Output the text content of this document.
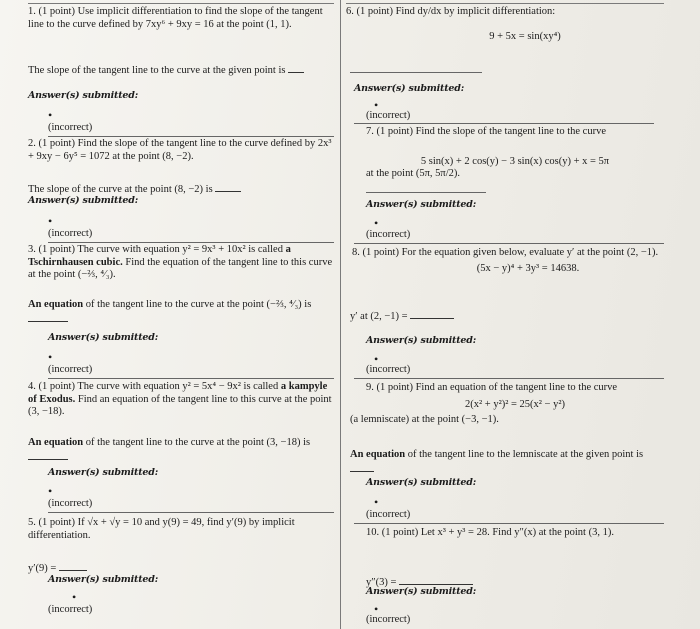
1. (1 point) Use implicit differentiation to find the slope of the tangent line to the curve defined by 7xy⁶ + 9xy = 16 at the point (1, 1).
The slope of the tangent line to the curve at the given point is
Answer(s) submitted:
•
(incorrect)
2. (1 point) Find the slope of the tangent line to the curve defined by 2x³ + 9xy − 6y⁵ = 1072 at the point (8, −2).
The slope of the curve at the point (8, −2) is
Answer(s) submitted:
•
(incorrect)
3. (1 point) The curve with equation y² = 9x³ + 10x² is called a Tschirnhausen cubic. Find the equation of the tangent line to this curve at the point (−⅔, ⁴⁄₃).
An equation of the tangent line to the curve at the point (−⅔, ⁴⁄₃) is
Answer(s) submitted:
•
(incorrect)
4. (1 point) The curve with equation y² = 5x⁴ − 9x² is called a kampyle of Exodus. Find an equation of the tangent line to this curve at the point (3, −18).
An equation of the tangent line to the curve at the point (3, −18) is
Answer(s) submitted:
•
(incorrect)
5. (1 point) If √x + √y = 10 and y(9) = 49, find y′(9) by implicit differentiation.
y′(9) =
Answer(s) submitted:
•
(incorrect)
6. (1 point) Find dy/dx by implicit differentiation:
9 + 5x = sin(xy⁴)
Answer(s) submitted:
•
(incorrect)
7. (1 point) Find the slope of the tangent line to the curve
5 sin(x) + 2 cos(y) − 3 sin(x) cos(y) + x = 5π
at the point (5π, 5π/2).
Answer(s) submitted:
•
(incorrect)
8. (1 point) For the equation given below, evaluate y′ at the point (2, −1).
(5x − y)⁴ + 3y³ = 14638.
y′ at (2, −1) =
Answer(s) submitted:
•
(incorrect)
9. (1 point) Find an equation of the tangent line to the curve
2(x² + y²)² = 25(x² − y²)
(a lemniscate) at the point (−3, −1).
An equation of the tangent line to the lemniscate at the given point is
Answer(s) submitted:
•
(incorrect)
10. (1 point) Let x³ + y³ = 28. Find y″(x) at the point (3, 1).
y″(3) =
Answer(s) submitted:
•
(incorrect)
